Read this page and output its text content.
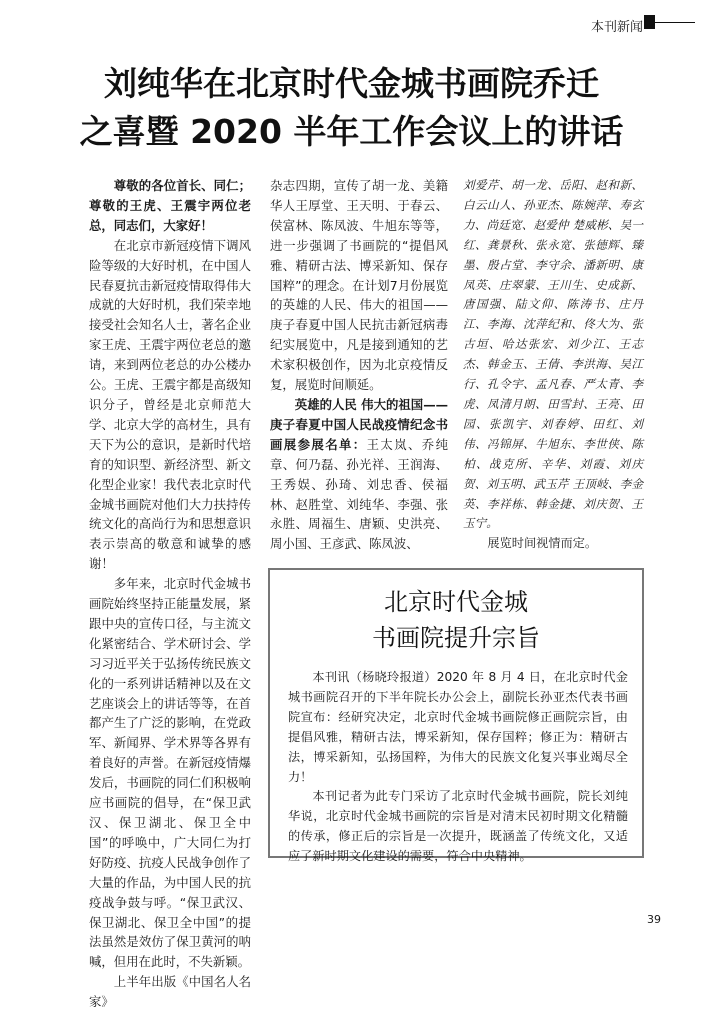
本刊新闻
刘纯华在北京时代金城书画院乔迁
之喜暨 2020 半年工作会议上的讲话

尊敬的各位首长、同仁；尊敬的王虎、王震宇两位老总，同志们，大家好！

在北京市新冠疫情下调风险等级的大好时机，在中国人民春夏抗击新冠疫情取得伟大成就的大好时机，我们荣幸地接受社会知名人士，著名企业家王虎、王震宇两位老总的邀请，来到两位老总的办公楼办公。王虎、王震宇都是高级知识分子，曾经是北京师范大学、北京大学的高材生，具有天下为公的意识，是新时代培育的知识型、新经济型、新文化型企业家！我代表北京时代金城书画院对他们大力扶持传统文化的高尚行为和思想意识表示崇高的敬意和诚挚的感谢！

多年来，北京时代金城书画院始终坚持正能量发展，紧跟中央的宣传口径，与主流文化紧密结合、学术研讨会、学习习近平关于弘扬传统民族文化的一系列讲话精神以及在文艺座谈会上的讲话等等，在首都产生了广泛的影响，在党政军、新闻界、学术界等各界有着良好的声誉。在新冠疫情爆发后，书画院的同仁们积极响应书画院的倡导，在“保卫武汉、保卫湖北、保卫全中国”的呼唤中，广大同仁为打好防疫、抗疫人民战争创作了大量的作品，为中国人民的抗疫战争鼓与呼。“保卫武汉、保卫湖北、保卫全中国”的提法虽然是效仿了保卫黄河的呐喊，但用在此时，不失新颖。

上半年出版《中国名人名家》

杂志四期，宣传了胡一龙、美籍华人王厚堂、王天明、于春云、侯富林、陈凤波、牛旭东等等，进一步强调了书画院的“提倡风雅、精研古法、博采新知、保存国粹”的理念。在计划7月份展览的英雄的人民、伟大的祖国——庚子春夏中国人民抗击新冠病毒纪实展览中，凡是接到通知的艺术家积极创作，因为北京疫情反复，展览时间顺延。

英雄的人民 伟大的祖国——庚子春夏中国人民战疫情纪念书画展参展名单：王太岚、乔纯章、何乃磊、孙光祥、王润海、王秀娱、孙琦、刘忠香、侯福林、赵胜堂、刘纯华、李强、张永胜、周福生、唐颖、史洪亮、周小国、王彦武、陈凤波、

刘爱芹、胡一龙、岳阳、赵和新、白云山人、孙亚杰、陈婉萍、寿玄力、尚廷宽、赵爱仲 楚威彬、吴一红、龚景秋、张永宽、张德辉、臻墨、殷占堂、李守余、潘新明、康凤英、庄翠蒙、王川生、史成新、唐国强、陆文仰、陈涛书、庄丹江、李海、沈萍纪和、佟大为、张古垣、哈达张宏、刘少江、王志杰、韩金玉、王倩、李洪海、吴江行、孔令宇、孟凡春、严太青、李虎、凤清月朗、田雪封、王亮、田园、张凯宇、刘春婷、田红、刘伟、冯锦屏、牛旭东、李世侠、陈柏、战克所、辛华、刘霞、刘庆贺、刘玉明、武玉芹 王顶岐、李金英、李祥栋、韩金捷、刘庆贺、王玉宁。

展览时间视情而定。

北京时代金城
书画院提升宗旨

本刊讯（杨晓玲报道）2020 年 8 月 4 日，在北京时代金城书画院召开的下半年院长办公会上，副院长孙亚杰代表书画院宣布：经研究决定，北京时代金城书画院修正画院宗旨，由提倡风雅，精研古法，博采新知，保存国粹；修正为：精研古法，博采新知，弘扬国粹，为伟大的民族文化复兴事业竭尽全力！

本刊记者为此专门采访了北京时代金城书画院，院长刘纯华说，北京时代金城书画院的宗旨是对清末民初时期文化精髓的传承，修正后的宗旨是一次提升，既涵盖了传统文化，又适应了新时期文化建设的需要，符合中央精神。

39
